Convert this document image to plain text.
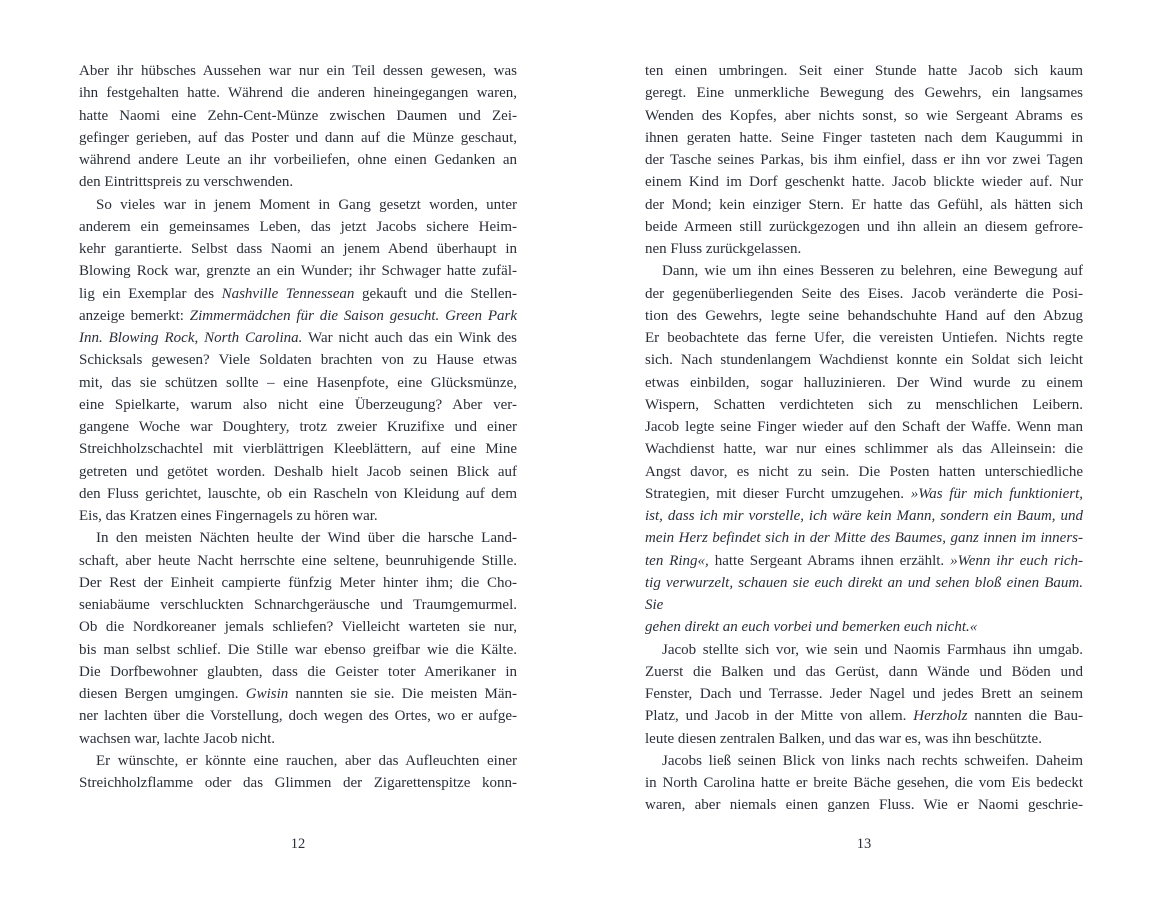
Aber ihr hübsches Aussehen war nur ein Teil dessen gewesen, was
ihn festgehalten hatte. Während die anderen hineingegangen waren,
hatte Naomi eine Zehn-Cent-Münze zwischen Daumen und Zei-
gefinger gerieben, auf das Poster und dann auf die Münze geschaut,
während andere Leute an ihr vorbeiliefen, ohne einen Gedanken an
den Eintrittspreis zu verschwenden.
So vieles war in jenem Moment in Gang gesetzt worden, unter
anderem ein gemeinsames Leben, das jetzt Jacobs sichere Heim-
kehr garantierte. Selbst dass Naomi an jenem Abend überhaupt in
Blowing Rock war, grenzte an ein Wunder; ihr Schwager hatte zufäl-
lig ein Exemplar des Nashville Tennessean gekauft und die Stellen-
anzeige bemerkt: Zimmermädchen für die Saison gesucht. Green Park
Inn. Blowing Rock, North Carolina. War nicht auch das ein Wink des
Schicksals gewesen? Viele Soldaten brachten von zu Hause etwas
mit, das sie schützen sollte – eine Hasenpfote, eine Glücksmünze,
eine Spielkarte, warum also nicht eine Überzeugung? Aber ver-
gangene Woche war Doughtery, trotz zweier Kruzifixe und einer
Streichholzschachtel mit vierblättrigen Kleeblättern, auf eine Mine
getreten und getötet worden. Deshalb hielt Jacob seinen Blick auf
den Fluss gerichtet, lauschte, ob ein Rascheln von Kleidung auf dem
Eis, das Kratzen eines Fingernagels zu hören war.
In den meisten Nächten heulte der Wind über die harsche Land-
schaft, aber heute Nacht herrschte eine seltene, beunruhigende Stille.
Der Rest der Einheit campierte fünfzig Meter hinter ihm; die Cho-
seniabäume verschluckten Schnarchgeräusche und Traumgemurmel.
Ob die Nordkoreaner jemals schliefen? Vielleicht warteten sie nur,
bis man selbst schlief. Die Stille war ebenso greifbar wie die Kälte.
Die Dorfbewohner glaubten, dass die Geister toter Amerikaner in
diesen Bergen umgingen. Gwisin nannten sie sie. Die meisten Män-
ner lachten über die Vorstellung, doch wegen des Ortes, wo er aufge-
wachsen war, lachte Jacob nicht.
Er wünschte, er könnte eine rauchen, aber das Aufleuchten einer
Streichholzflamme oder das Glimmen der Zigarettenspitze konn-
ten einen umbringen. Seit einer Stunde hatte Jacob sich kaum
geregt. Eine unmerkliche Bewegung des Gewehrs, ein langsames
Wenden des Kopfes, aber nichts sonst, so wie Sergeant Abrams es
ihnen geraten hatte. Seine Finger tasteten nach dem Kaugummi in
der Tasche seines Parkas, bis ihm einfiel, dass er ihn vor zwei Tagen
einem Kind im Dorf geschenkt hatte. Jacob blickte wieder auf. Nur
der Mond; kein einziger Stern. Er hatte das Gefühl, als hätten sich
beide Armeen still zurückgezogen und ihn allein an diesem gefrore-
nen Fluss zurückgelassen.
Dann, wie um ihn eines Besseren zu belehren, eine Bewegung auf
der gegenüberliegenden Seite des Eises. Jacob veränderte die Posi-
tion des Gewehrs, legte seine behandschuhte Hand auf den Abzug
Er beobachtete das ferne Ufer, die vereisten Untiefen. Nichts regte
sich. Nach stundenlangem Wachdienst konnte ein Soldat sich leicht
etwas einbilden, sogar halluzinieren. Der Wind wurde zu einem
Wispern, Schatten verdichteten sich zu menschlichen Leibern.
Jacob legte seine Finger wieder auf den Schaft der Waffe. Wenn man
Wachdienst hatte, war nur eines schlimmer als das Alleinsein: die
Angst davor, es nicht zu sein. Die Posten hatten unterschiedliche
Strategien, mit dieser Furcht umzugehen. »Was für mich funktioniert,
ist, dass ich mir vorstelle, ich wäre kein Mann, sondern ein Baum, und
mein Herz befindet sich in der Mitte des Baumes, ganz innen im inners-
ten Ring«, hatte Sergeant Abrams ihnen erzählt. »Wenn ihr euch rich-
tig verwurzelt, schauen sie euch direkt an und sehen bloß einen Baum. Sie
gehen direkt an euch vorbei und bemerken euch nicht.«
Jacob stellte sich vor, wie sein und Naomis Farmhaus ihn umgab.
Zuerst die Balken und das Gerüst, dann Wände und Böden und
Fenster, Dach und Terrasse. Jeder Nagel und jedes Brett an seinem
Platz, und Jacob in der Mitte von allem. Herzholz nannten die Bau-
leute diesen zentralen Balken, und das war es, was ihn beschützte.
Jacobs ließ seinen Blick von links nach rechts schweifen. Daheim
in North Carolina hatte er breite Bäche gesehen, die vom Eis bedeckt
waren, aber niemals einen ganzen Fluss. Wie er Naomi geschrie-
12	13
